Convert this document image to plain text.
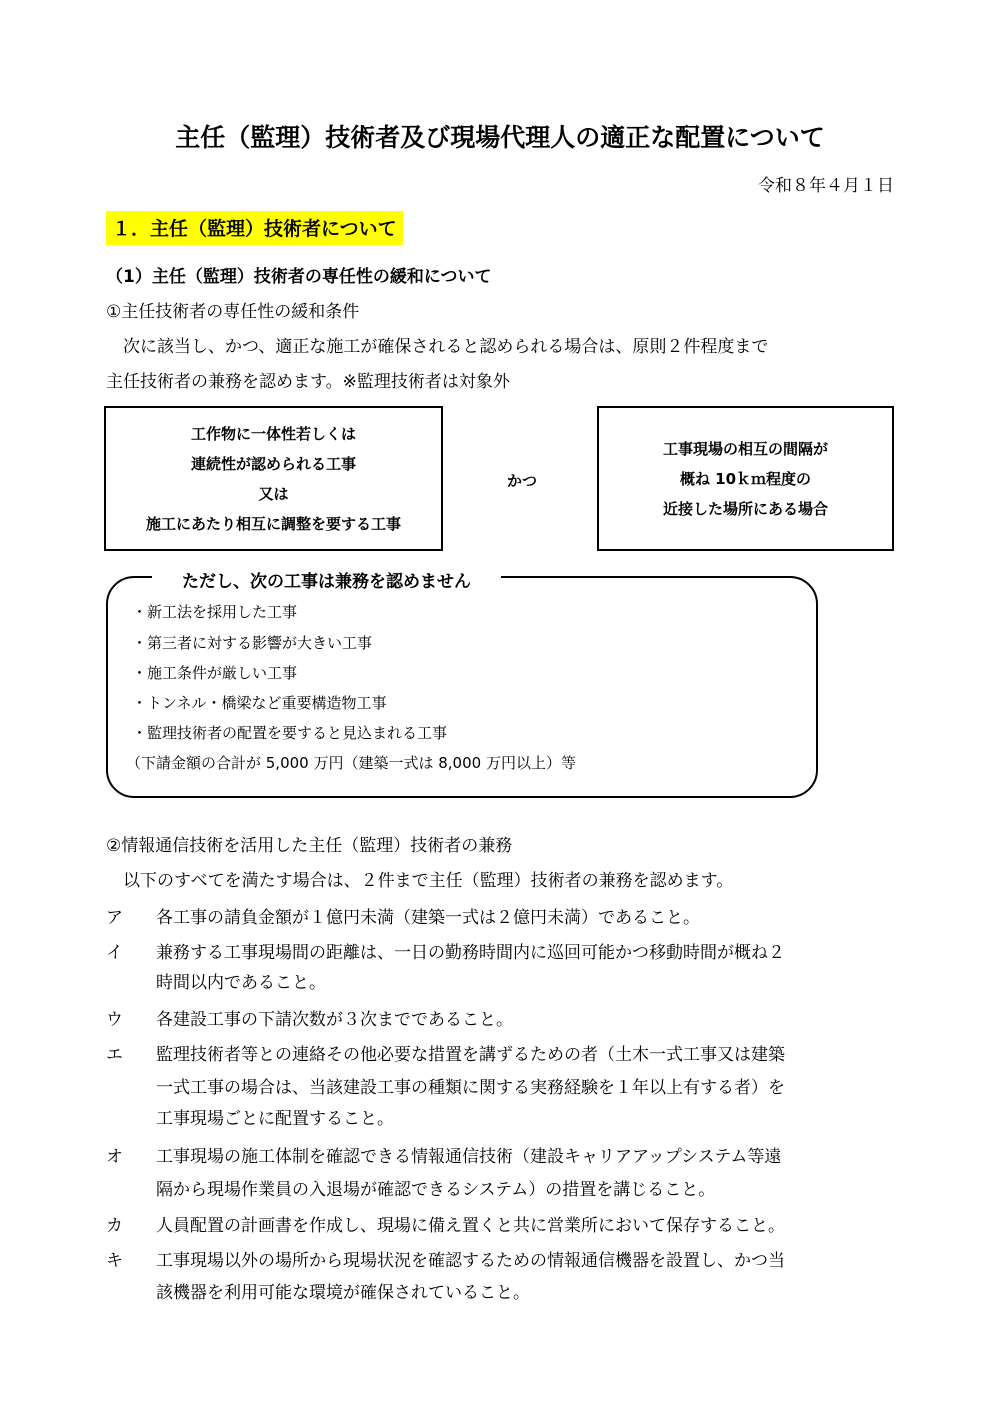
主任（監理）技術者及び現場代理人の適正な配置について
令和８年４月１日
１．主任（監理）技術者について
（1）主任（監理）技術者の専任性の緩和について
①主任技術者の専任性の緩和条件
　次に該当し、かつ、適正な施工が確保されると認められる場合は、原則２件程度まで
主任技術者の兼務を認めます。※監理技術者は対象外
工作物に一体性若しくは
連続性が認められる工事
又は
施工にあたり相互に調整を要する工事
かつ
工事現場の相互の間隔が
概ね 10ｋｍ程度の
近接した場所にある場合
ただし、次の工事は兼務を認めません
・新工法を採用した工事
・第三者に対する影響が大きい工事
・施工条件が厳しい工事
・トンネル・橋梁など重要構造物工事
・監理技術者の配置を要すると見込まれる工事
（下請金額の合計が 5,000 万円（建築一式は 8,000 万円以上）等
②情報通信技術を活用した主任（監理）技術者の兼務
　以下のすべてを満たす場合は、２件まで主任（監理）技術者の兼務を認めます。
ア 各工事の請負金額が１億円未満（建築一式は２億円未満）であること。
イ 兼務する工事現場間の距離は、一日の勤務時間内に巡回可能かつ移動時間が概ね２
時間以内であること。
ウ 各建設工事の下請次数が３次までであること。
エ 監理技術者等との連絡その他必要な措置を講ずるための者（土木一式工事又は建築
一式工事の場合は、当該建設工事の種類に関する実務経験を１年以上有する者）を
工事現場ごとに配置すること。
オ 工事現場の施工体制を確認できる情報通信技術（建設キャリアアップシステム等遠
隔から現場作業員の入退場が確認できるシステム）の措置を講じること。
カ 人員配置の計画書を作成し、現場に備え置くと共に営業所において保存すること。
キ 工事現場以外の場所から現場状況を確認するための情報通信機器を設置し、かつ当
該機器を利用可能な環境が確保されていること。
